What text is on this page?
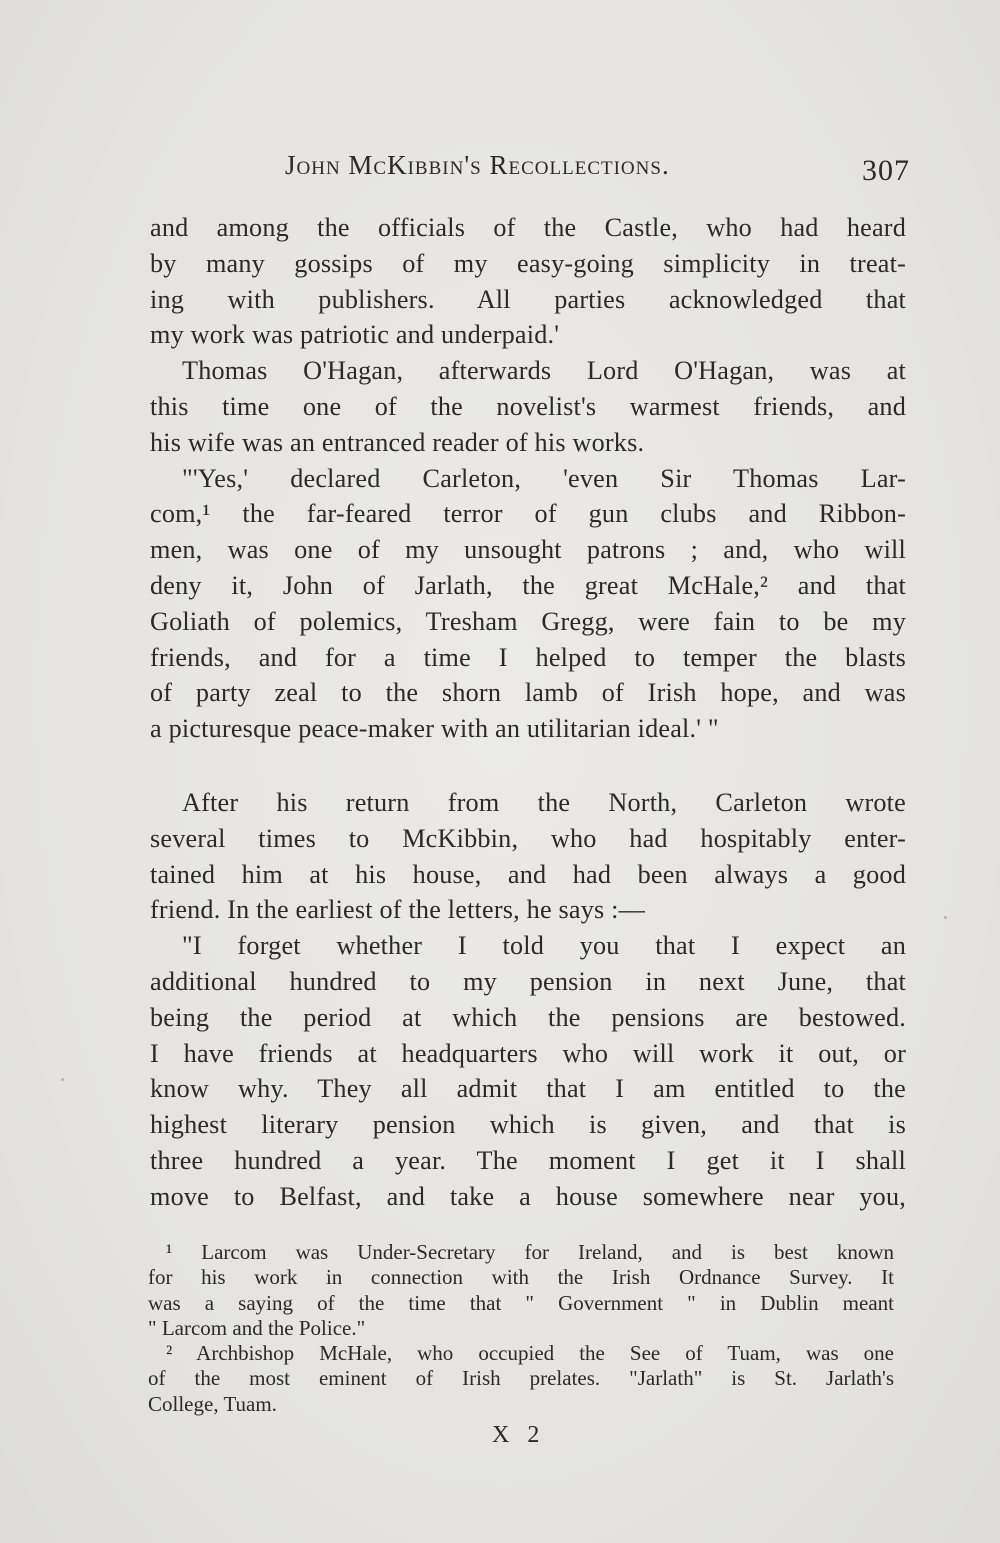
John McKibbin's Recollections.	307
and among the officials of the Castle, who had heard
by many gossips of my easy-going simplicity in treat-
ing with publishers. All parties acknowledged that
my work was patriotic and underpaid.'
Thomas O'Hagan, afterwards Lord O'Hagan, was at
this time one of the novelist's warmest friends, and
his wife was an entranced reader of his works.
"'Yes,' declared Carleton, 'even Sir Thomas Lar-
com,¹ the far-feared terror of gun clubs and Ribbon-
men, was one of my unsought patrons ; and, who will
deny it, John of Jarlath, the great McHale,² and that
Goliath of polemics, Tresham Gregg, were fain to be my
friends, and for a time I helped to temper the blasts
of party zeal to the shorn lamb of Irish hope, and was
a picturesque peace-maker with an utilitarian ideal.' "
After his return from the North, Carleton wrote
several times to McKibbin, who had hospitably enter-
tained him at his house, and had been always a good
friend. In the earliest of the letters, he says :—
"I forget whether I told you that I expect an
additional hundred to my pension in next June, that
being the period at which the pensions are bestowed.
I have friends at headquarters who will work it out, or
know why. They all admit that I am entitled to the
highest literary pension which is given, and that is
three hundred a year. The moment I get it I shall
move to Belfast, and take a house somewhere near you,
¹ Larcom was Under-Secretary for Ireland, and is best known
for his work in connection with the Irish Ordnance Survey. It
was a saying of the time that " Government " in Dublin meant
" Larcom and the Police."
² Archbishop McHale, who occupied the See of Tuam, was one
of the most eminent of Irish prelates. "Jarlath" is St. Jarlath's
College, Tuam.
X 2
